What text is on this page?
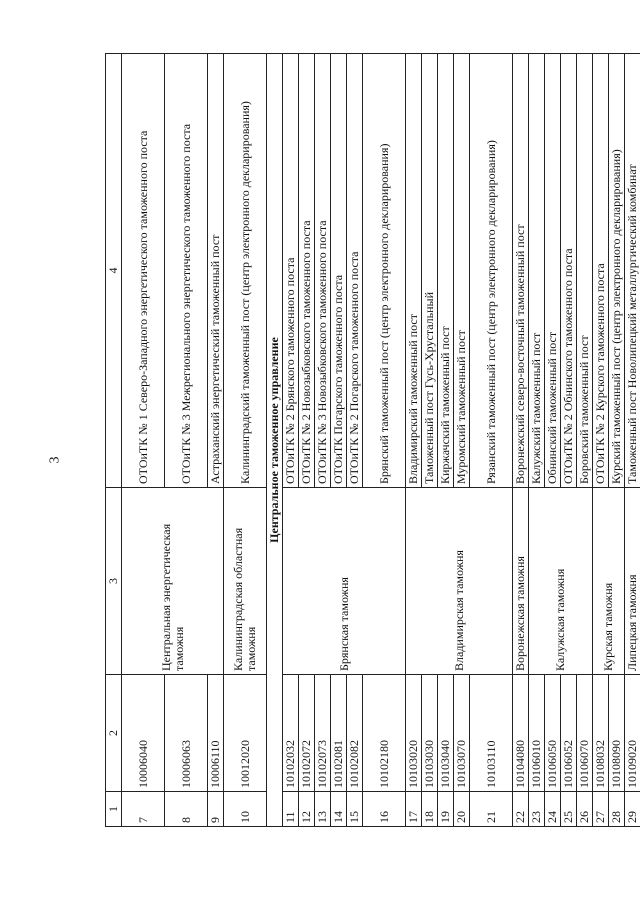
3
1	2	3	4
7	10006040	Центральная энергетическая таможня	ОТОиТК № 1 Северо-Западного энергетического таможенного поста
8	10006063		ОТОиТК № 3 Межрегионального энергетического таможенного поста
9	10006110		Астраханский энергетический таможенный пост
10	10012020	Калининградская областная таможня	Калининградский таможенный пост (центр электронного декларирования)
Центральное таможенное управление			
11	10102032	Брянская таможня	ОТОиТК № 2 Брянского таможенного поста
12	10102072		ОТОиТК № 2 Новозыбковского таможенного поста
13	10102073		ОТОиТК № 3 Новозыбковского таможенного поста
14	10102081		ОТОиТК Погарского таможенного поста
15	10102082		ОТОиТК № 2 Погарского таможенного поста
16	10102180		Брянский таможенный пост (центр электронного декларирования)
17	10103020	Владимирская таможня	Владимирский таможенный пост
18	10103030		Таможенный пост Гусь-Хрустальный
19	10103040		Киржачский таможенный пост
20	10103070		Муромский таможенный пост
21	10103110		Рязанский таможенный пост (центр электронного декларирования)
22	10104080	Воронежская таможня	Воронежский северо-восточный таможенный пост
23	10106010	Калужская таможня	Калужский таможенный пост
24	10106050		Обнинский таможенный пост
25	10106052		ОТОиТК № 2 Обнинского таможенного поста
26	10106070		Боровский таможенный пост
27	10108032	Курская таможня	ОТОиТК № 2 Курского таможенного поста
28	10108090		Курский таможенный пост (центр электронного декларирования)
29	10109020	Липецкая таможня	Таможенный пост Новолипецкий металлургический комбинат
